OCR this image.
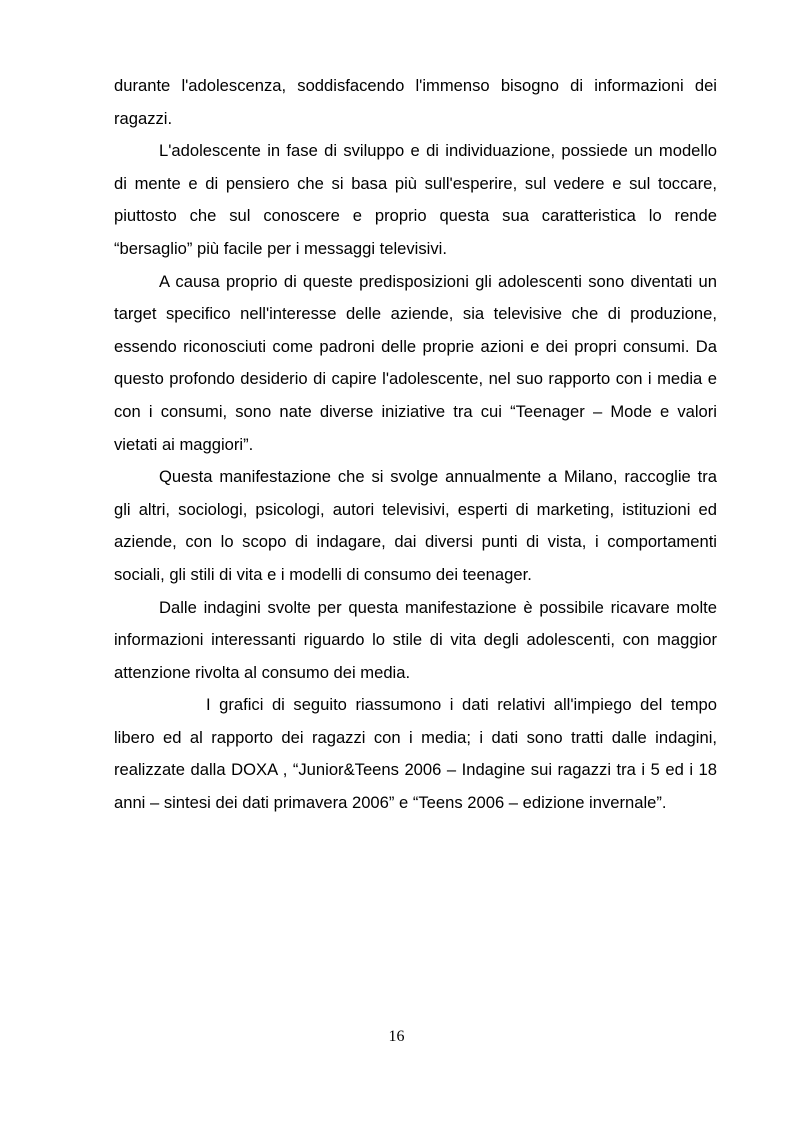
durante l'adolescenza, soddisfacendo l'immenso bisogno di informazioni dei ragazzi.

L'adolescente in fase di sviluppo e di individuazione, possiede un modello di mente e di pensiero che si basa più sull'esperire, sul vedere e sul toccare, piuttosto che sul conoscere e proprio questa sua caratteristica lo rende “bersaglio” più facile per i messaggi televisivi.

A causa proprio di queste predisposizioni gli adolescenti sono diventati un target specifico nell'interesse delle aziende, sia televisive che di produzione, essendo riconosciuti come padroni delle proprie azioni e dei propri consumi. Da questo profondo desiderio di capire l'adolescente, nel suo rapporto con i media e con i consumi, sono nate diverse iniziative tra cui “Teenager – Mode e valori vietati ai maggiori”.

Questa manifestazione che si svolge annualmente a Milano, raccoglie tra gli altri, sociologi, psicologi, autori televisivi, esperti di marketing, istituzioni ed aziende, con lo scopo di indagare, dai diversi punti di vista, i comportamenti sociali, gli stili di vita e i modelli di consumo dei teenager.

Dalle indagini svolte per questa manifestazione è possibile ricavare molte informazioni interessanti riguardo lo stile di vita degli adolescenti, con maggior attenzione rivolta al consumo dei media.

I grafici di seguito riassumono i dati relativi all'impiego del tempo libero ed al rapporto dei ragazzi con i media; i dati sono tratti dalle indagini, realizzate dalla DOXA , “Junior&Teens 2006 – Indagine sui ragazzi tra i 5 ed i 18 anni – sintesi dei dati primavera 2006” e “Teens 2006 – edizione invernale”.

16
